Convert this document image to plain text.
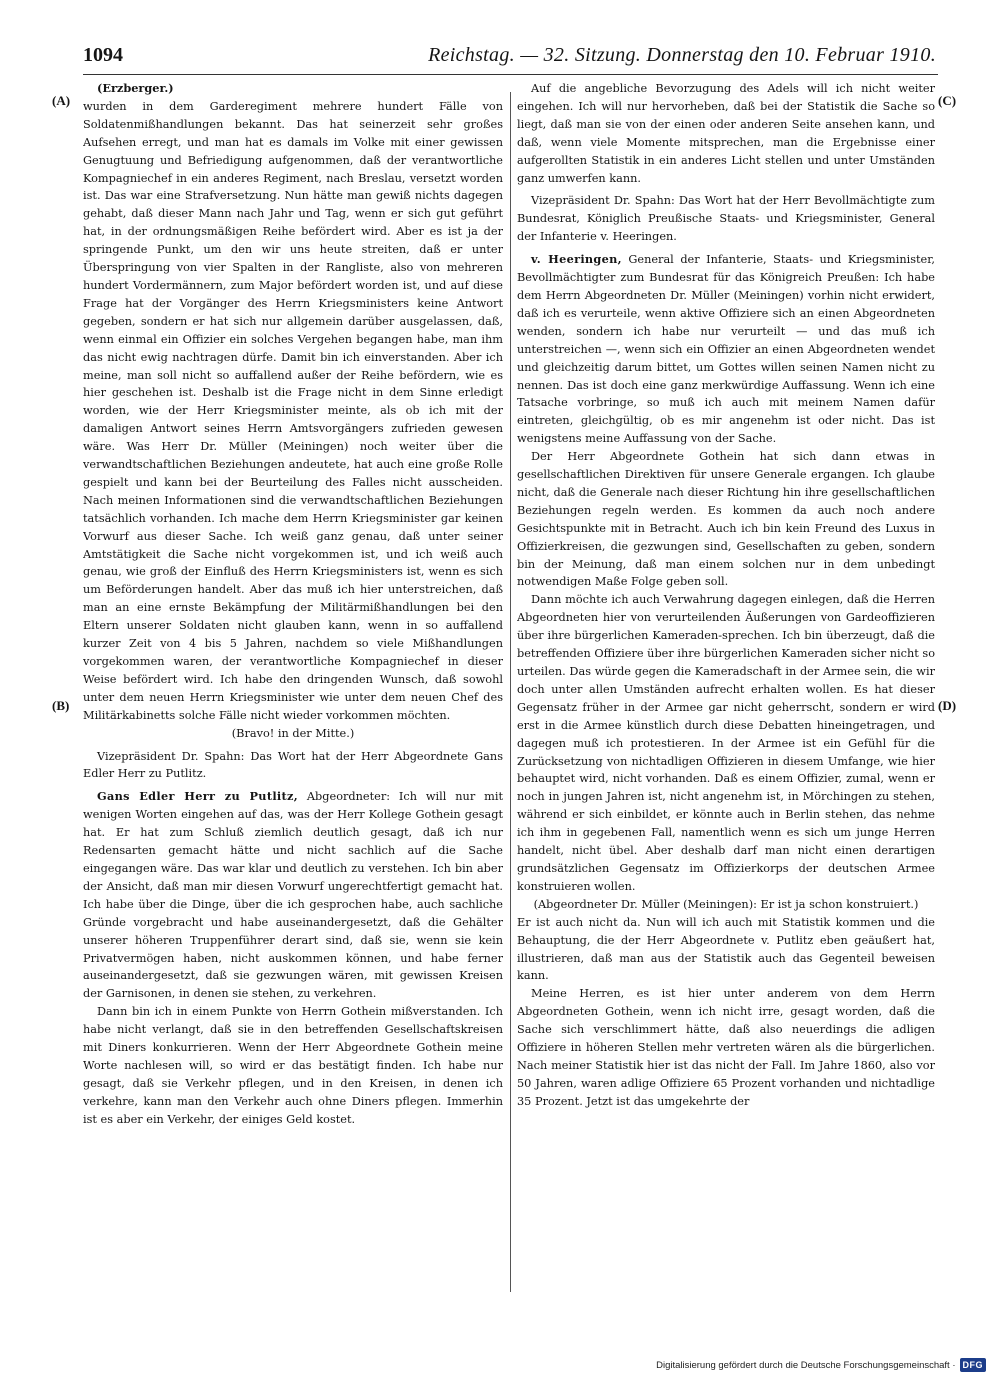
1094	Reichstag. — 32. Sitzung. Donnerstag den 10. Februar 1910.
(A)
(B)
(C)
(D)

(Erzberger.)

wurden in dem Garderegiment mehrere hundert Fälle von Soldatenmißhandlungen bekannt. Das hat seinerzeit sehr großes Aufsehen erregt, und man hat es damals im Volke mit einer gewissen Genugtuung und Befriedigung aufgenommen, daß der verantwortliche Kompagniechef in ein anderes Regiment, nach Breslau, versetzt worden ist. Das war eine Strafversetzung. Nun hätte man gewiß nichts dagegen gehabt, daß dieser Mann nach Jahr und Tag, wenn er sich gut geführt hat, in der ordnungsmäßigen Reihe befördert wird. Aber es ist ja der springende Punkt, um den wir uns heute streiten, daß er unter Überspringung von vier Spalten in der Rangliste, also von mehreren hundert Vordermännern, zum Major befördert worden ist, und auf diese Frage hat der Vorgänger des Herrn Kriegsministers keine Antwort gegeben, sondern er hat sich nur allgemein darüber ausgelassen, daß, wenn einmal ein Offizier ein solches Vergehen begangen habe, man ihm das nicht ewig nachtragen dürfe. Damit bin ich einverstanden. Aber ich meine, man soll nicht so auffallend außer der Reihe befördern, wie es hier geschehen ist. Deshalb ist die Frage nicht in dem Sinne erledigt worden, wie der Herr Kriegsminister meinte, als ob ich mit der damaligen Antwort seines Herrn Amtsvorgängers zufrieden gewesen wäre. Was Herr Dr. Müller (Meiningen) noch weiter über die verwandtschaftlichen Beziehungen andeutete, hat auch eine große Rolle gespielt und kann bei der Beurteilung des Falles nicht ausscheiden. Nach meinen Informationen sind die verwandtschaftlichen Beziehungen tatsächlich vorhanden. Ich mache dem Herrn Kriegsminister gar keinen Vorwurf aus dieser Sache. Ich weiß ganz genau, daß unter seiner Amtstätigkeit die Sache nicht vorgekommen ist, und ich weiß auch genau, wie groß der Einfluß des Herrn Kriegsministers ist, wenn es sich um Beförderungen handelt. Aber das muß ich hier unterstreichen, daß man an eine ernste Bekämpfung der Militärmißhandlungen bei den Eltern unserer Soldaten nicht glauben kann, wenn in so auffallend kurzer Zeit von 4 bis 5 Jahren, nachdem so viele Mißhandlungen vorgekommen waren, der verantwortliche Kompagniechef in dieser Weise befördert wird. Ich habe den dringenden Wunsch, daß sowohl unter dem neuen Herrn Kriegsminister wie unter dem neuen Chef des Militärkabinetts solche Fälle nicht wieder vorkommen möchten.

(Bravo! in der Mitte.)

Vizepräsident Dr. Spahn: Das Wort hat der Herr Abgeordnete Gans Edler Herr zu Putlitz.

Gans Edler Herr zu Putlitz, Abgeordneter: Ich will nur mit wenigen Worten eingehen auf das, was der Herr Kollege Gothein gesagt hat. Er hat zum Schluß ziemlich deutlich gesagt, daß ich nur Redensarten gemacht hätte und nicht sachlich auf die Sache eingegangen wäre. Das war klar und deutlich zu verstehen. Ich bin aber der Ansicht, daß man mir diesen Vorwurf ungerechtfertigt gemacht hat. Ich habe über die Dinge, über die ich gesprochen habe, auch sachliche Gründe vorgebracht und habe auseinandergesetzt, daß die Gehälter unserer höheren Truppenführer derart sind, daß sie, wenn sie kein Privatvermögen haben, nicht auskommen können, und habe ferner auseinandergesetzt, daß sie gezwungen wären, mit gewissen Kreisen der Garnisonen, in denen sie stehen, zu verkehren.

Dann bin ich in einem Punkte von Herrn Gothein mißverstanden. Ich habe nicht verlangt, daß sie in den betreffenden Gesellschaftskreisen mit Diners konkurrieren. Wenn der Herr Abgeordnete Gothein meine Worte nachlesen will, so wird er das bestätigt finden. Ich habe nur gesagt, daß sie Verkehr pflegen, und in den Kreisen, in denen ich verkehre, kann man den Verkehr auch ohne Diners pflegen. Immerhin ist es aber ein Verkehr, der einiges Geld kostet.

Auf die angebliche Bevorzugung des Adels will ich nicht weiter eingehen. Ich will nur hervorheben, daß bei der Statistik die Sache so liegt, daß man sie von der einen oder anderen Seite ansehen kann, und daß, wenn viele Momente mitsprechen, man die Ergebnisse einer aufgerollten Statistik in ein anderes Licht stellen und unter Umständen ganz umwerfen kann.

Vizepräsident Dr. Spahn: Das Wort hat der Herr Bevollmächtigte zum Bundesrat, Königlich Preußische Staats- und Kriegsminister, General der Infanterie v. Heeringen.

v. Heeringen, General der Infanterie, Staats- und Kriegsminister, Bevollmächtigter zum Bundesrat für das Königreich Preußen: Ich habe dem Herrn Abgeordneten Dr. Müller (Meiningen) vorhin nicht erwidert, daß ich es verurteile, wenn aktive Offiziere sich an einen Abgeordneten wenden, sondern ich habe nur verurteilt — und das muß ich unterstreichen —, wenn sich ein Offizier an einen Abgeordneten wendet und gleichzeitig darum bittet, um Gottes willen seinen Namen nicht zu nennen. Das ist doch eine ganz merkwürdige Auffassung. Wenn ich eine Tatsache vorbringe, so muß ich auch mit meinem Namen dafür eintreten, gleichgültig, ob es mir angenehm ist oder nicht. Das ist wenigstens meine Auffassung von der Sache.

Der Herr Abgeordnete Gothein hat sich dann etwas in gesellschaftlichen Direktiven für unsere Generale ergangen. Ich glaube nicht, daß die Generale nach dieser Richtung hin ihre gesellschaftlichen Beziehungen regeln werden. Es kommen da auch noch andere Gesichtspunkte mit in Betracht. Auch ich bin kein Freund des Luxus in Offizierkreisen, die gezwungen sind, Gesellschaften zu geben, sondern bin der Meinung, daß man einem solchen nur in dem unbedingt notwendigen Maße Folge geben soll.

Dann möchte ich auch Verwahrung dagegen einlegen, daß die Herren Abgeordneten hier von verurteilenden Äußerungen von Gardeoffizieren über ihre bürgerlichen Kameraden-sprechen. Ich bin überzeugt, daß die betreffenden Offiziere über ihre bürgerlichen Kameraden sicher nicht so urteilen. Das würde gegen die Kameradschaft in der Armee sein, die wir doch unter allen Umständen aufrecht erhalten wollen. Es hat dieser Gegensatz früher in der Armee gar nicht geherrscht, sondern er wird erst in die Armee künstlich durch diese Debatten hineingetragen, und dagegen muß ich protestieren. In der Armee ist ein Gefühl für die Zurücksetzung von nichtadligen Offizieren in diesem Umfange, wie hier behauptet wird, nicht vorhanden. Daß es einem Offizier, zumal, wenn er noch in jungen Jahren ist, nicht angenehm ist, in Mörchingen zu stehen, während er sich einbildet, er könnte auch in Berlin stehen, das nehme ich ihm in gegebenen Fall, namentlich wenn es sich um junge Herren handelt, nicht übel. Aber deshalb darf man nicht einen derartigen grundsätzlichen Gegensatz im Offizierkorps der deutschen Armee konstruieren wollen.

(Abgeordneter Dr. Müller (Meiningen): Er ist ja schon konstruiert.)

Er ist auch nicht da. Nun will ich auch mit Statistik kommen und die Behauptung, die der Herr Abgeordnete v. Putlitz eben geäußert hat, illustrieren, daß man aus der Statistik auch das Gegenteil beweisen kann.

Meine Herren, es ist hier unter anderem von dem Herrn Abgeordneten Gothein, wenn ich nicht irre, gesagt worden, daß die Sache sich verschlimmert hätte, daß also neuerdings die adligen Offiziere in höheren Stellen mehr vertreten wären als die bürgerlichen. Nach meiner Statistik hier ist das nicht der Fall. Im Jahre 1860, also vor 50 Jahren, waren adlige Offiziere 65 Prozent vorhanden und nichtadlige 35 Prozent. Jetzt ist das umgekehrte der

Digitalisierung gefördert durch die Deutsche Forschungsgemeinschaft · DFG
